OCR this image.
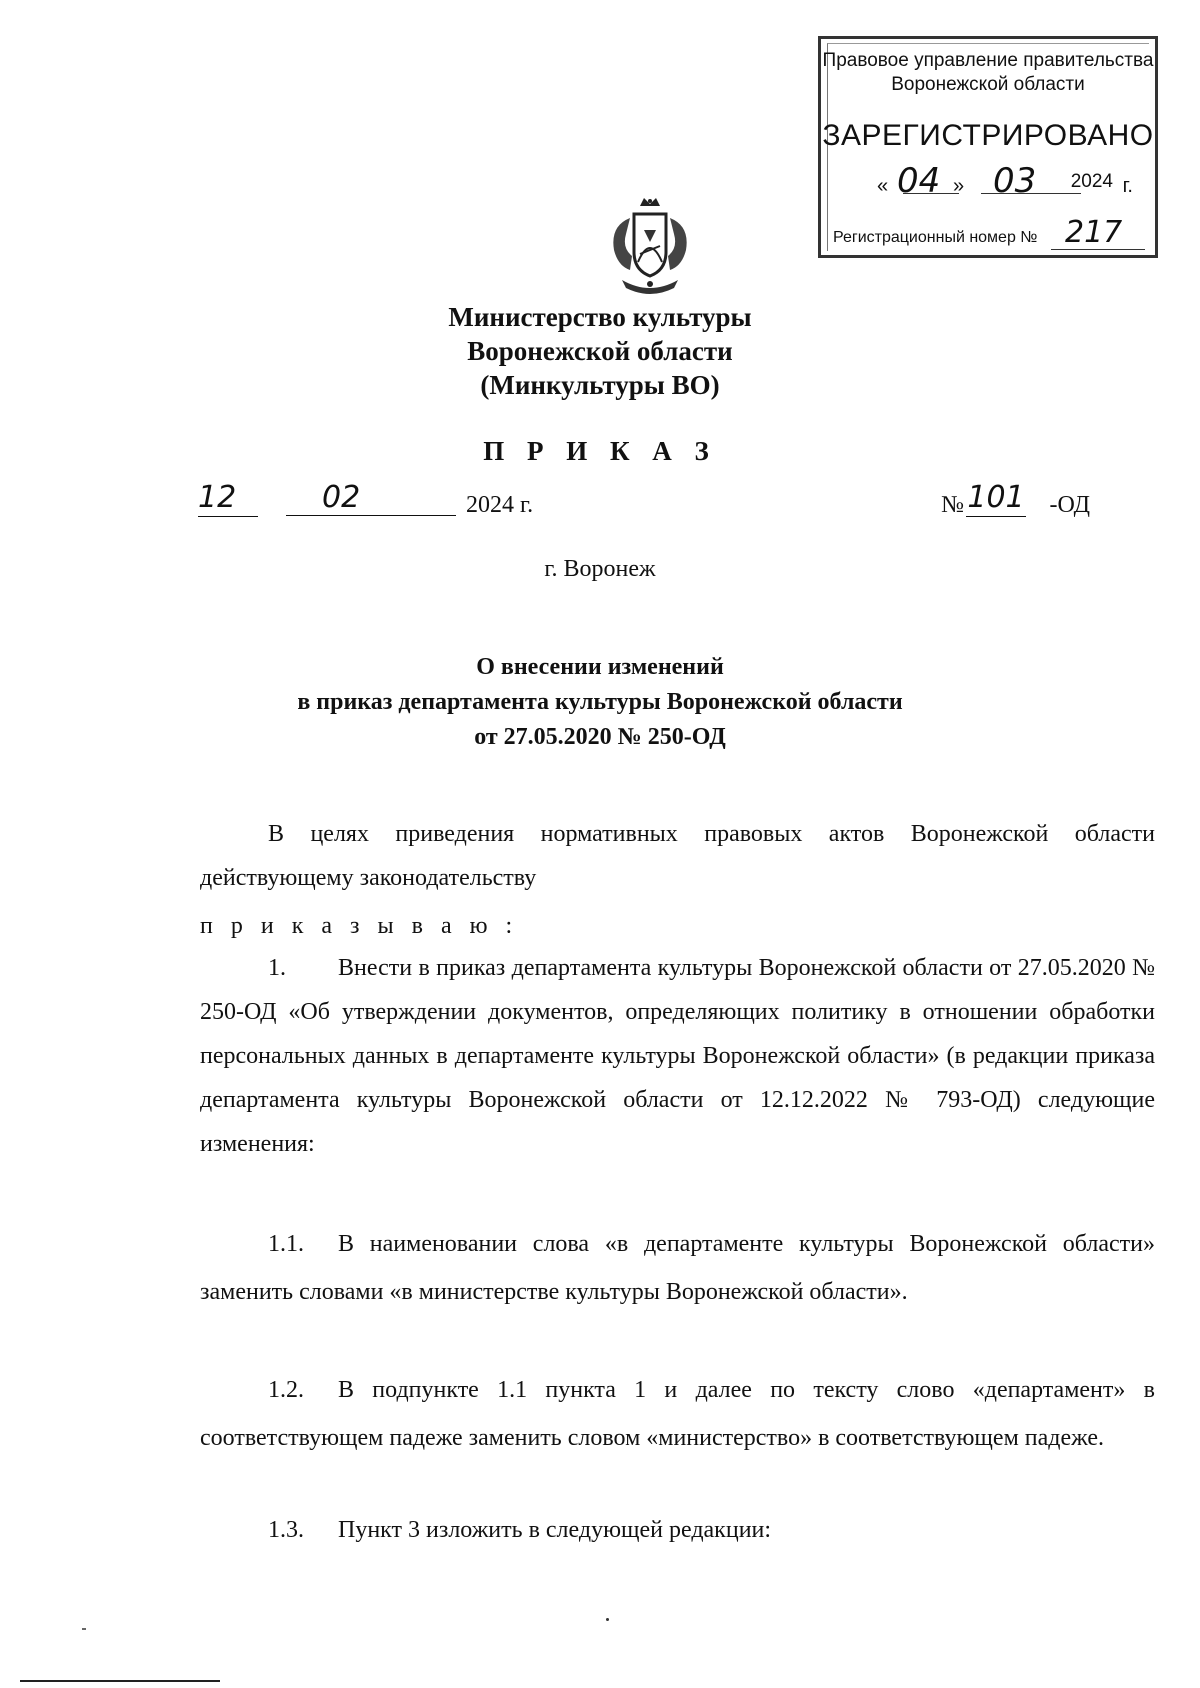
Правовое управление правительства Воронежской области
ЗАРЕГИСТРИРОВАНО
« 04 » 03 2024 г.
Регистрационный номер № 217
Министерство культуры
Воронежской области
(Минкультуры ВО)
П Р И К А З
12	02	2024 г.	№ 101 -ОД
г. Воронеж
О внесении изменений
в приказ департамента культуры Воронежской области
от 27.05.2020 № 250-ОД

В целях приведения нормативных правовых актов Воронежской области действующему законодательству

п р и к а з ы в а ю :

1. Внести в приказ департамента культуры Воронежской области от 27.05.2020 № 250-ОД «Об утверждении документов, определяющих политику в отношении обработки персональных данных в департаменте культуры Воронежской области» (в редакции приказа департамента культуры Воронежской области от 12.12.2022 № 793-ОД) следующие изменения:

1.1. В наименовании слова «в департаменте культуры Воронежской области» заменить словами «в министерстве культуры Воронежской области».

1.2. В подпункте 1.1 пункта 1 и далее по тексту слово «департамент» в соответствующем падеже заменить словом «министерство» в соответствующем падеже.

1.3. Пункт 3 изложить в следующей редакции:
